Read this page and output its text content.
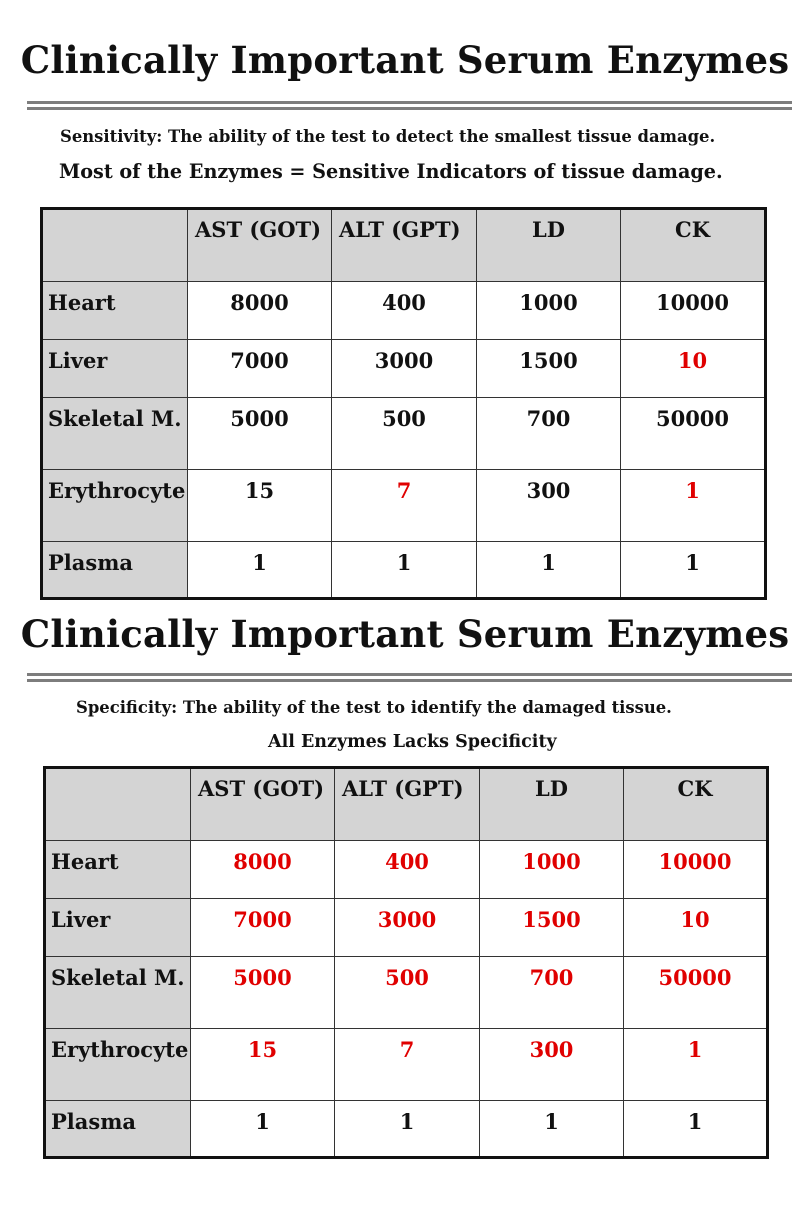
Clinically Important Serum Enzymes
Sensitivity: The ability of the test to detect the smallest tissue damage.
Most of the Enzymes = Sensitive Indicators of tissue damage.
	AST (GOT)	ALT (GPT)	LD	CK
Heart	8000	400	1000	10000
Liver	7000	3000	1500	10
Skeletal M.	5000	500	700	50000
Erythrocyte	15	7	300	1
Plasma	1	1	1	1
Clinically Important Serum Enzymes
Specificity: The ability of the test to identify the damaged tissue.
All Enzymes Lacks Specificity
	AST (GOT)	ALT (GPT)	LD	CK
Heart	8000	400	1000	10000
Liver	7000	3000	1500	10
Skeletal M.	5000	500	700	50000
Erythrocyte	15	7	300	1
Plasma	1	1	1	1
